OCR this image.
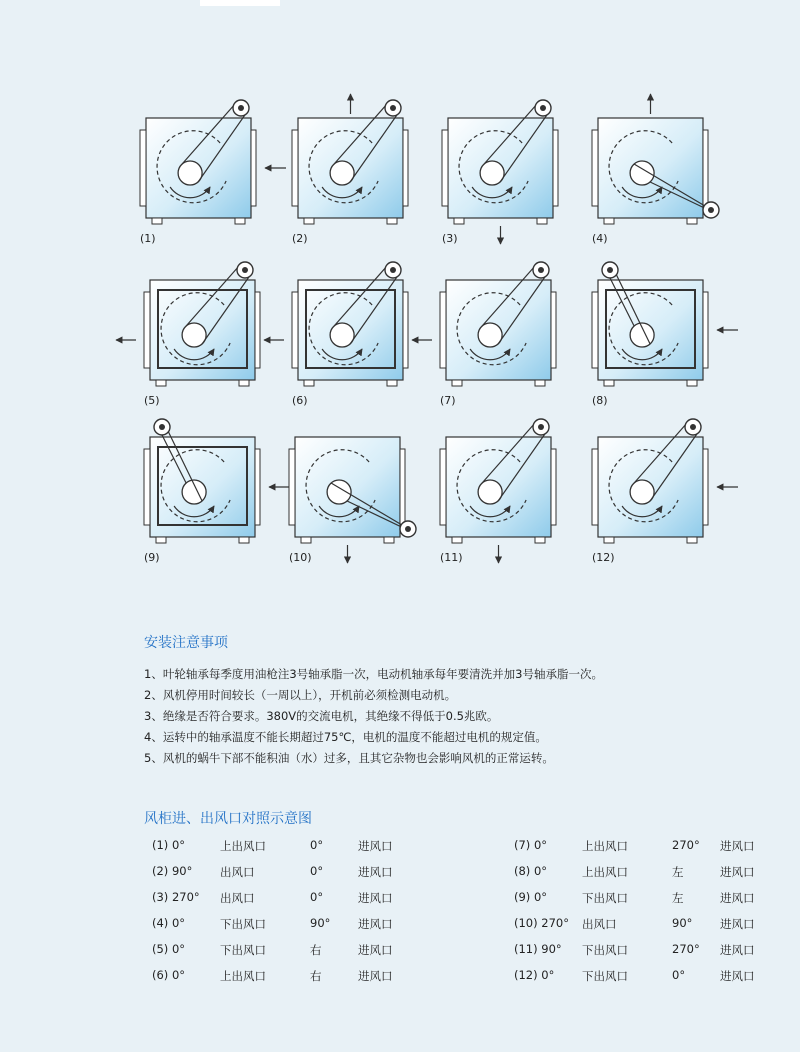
(1)	(2)	(3)	(4)
(5)	(6)	(7)	(8)
(9)	(10)	(11)	(12)
安装注意事项
1、叶轮轴承每季度用油枪注3号轴承脂一次，电动机轴承每年要清洗并加3号轴承脂一次。
2、风机停用时间较长（一周以上），开机前必须检测电动机。
3、绝缘是否符合要求。380V的交流电机，其绝缘不得低于0.5兆欧。
4、运转中的轴承温度不能长期超过75℃，电机的温度不能超过电机的规定值。
5、风机的蜗牛下部不能积油（水）过多，且其它杂物也会影响风机的正常运转。
风柜进、出风口对照示意图
(1) 0°	上出风口	0°	进风口
(2) 90° 出风口	0°	进风口
(3) 270° 出风口	0°	进风口
(4) 0°	下出风口	90° 进风口
(5) 0°	下出风口	右	进风口
(6) 0°	上出风口	右	进风口
(7) 0°	上出风口	270° 进风口
(8) 0°	上出风口	左	进风口
(9) 0°	下出风口	左	进风口
(10) 270° 出风口	90° 进风口
(11) 90° 下出风口	270° 进风口
(12) 0° 下出风口	0°	进风口
